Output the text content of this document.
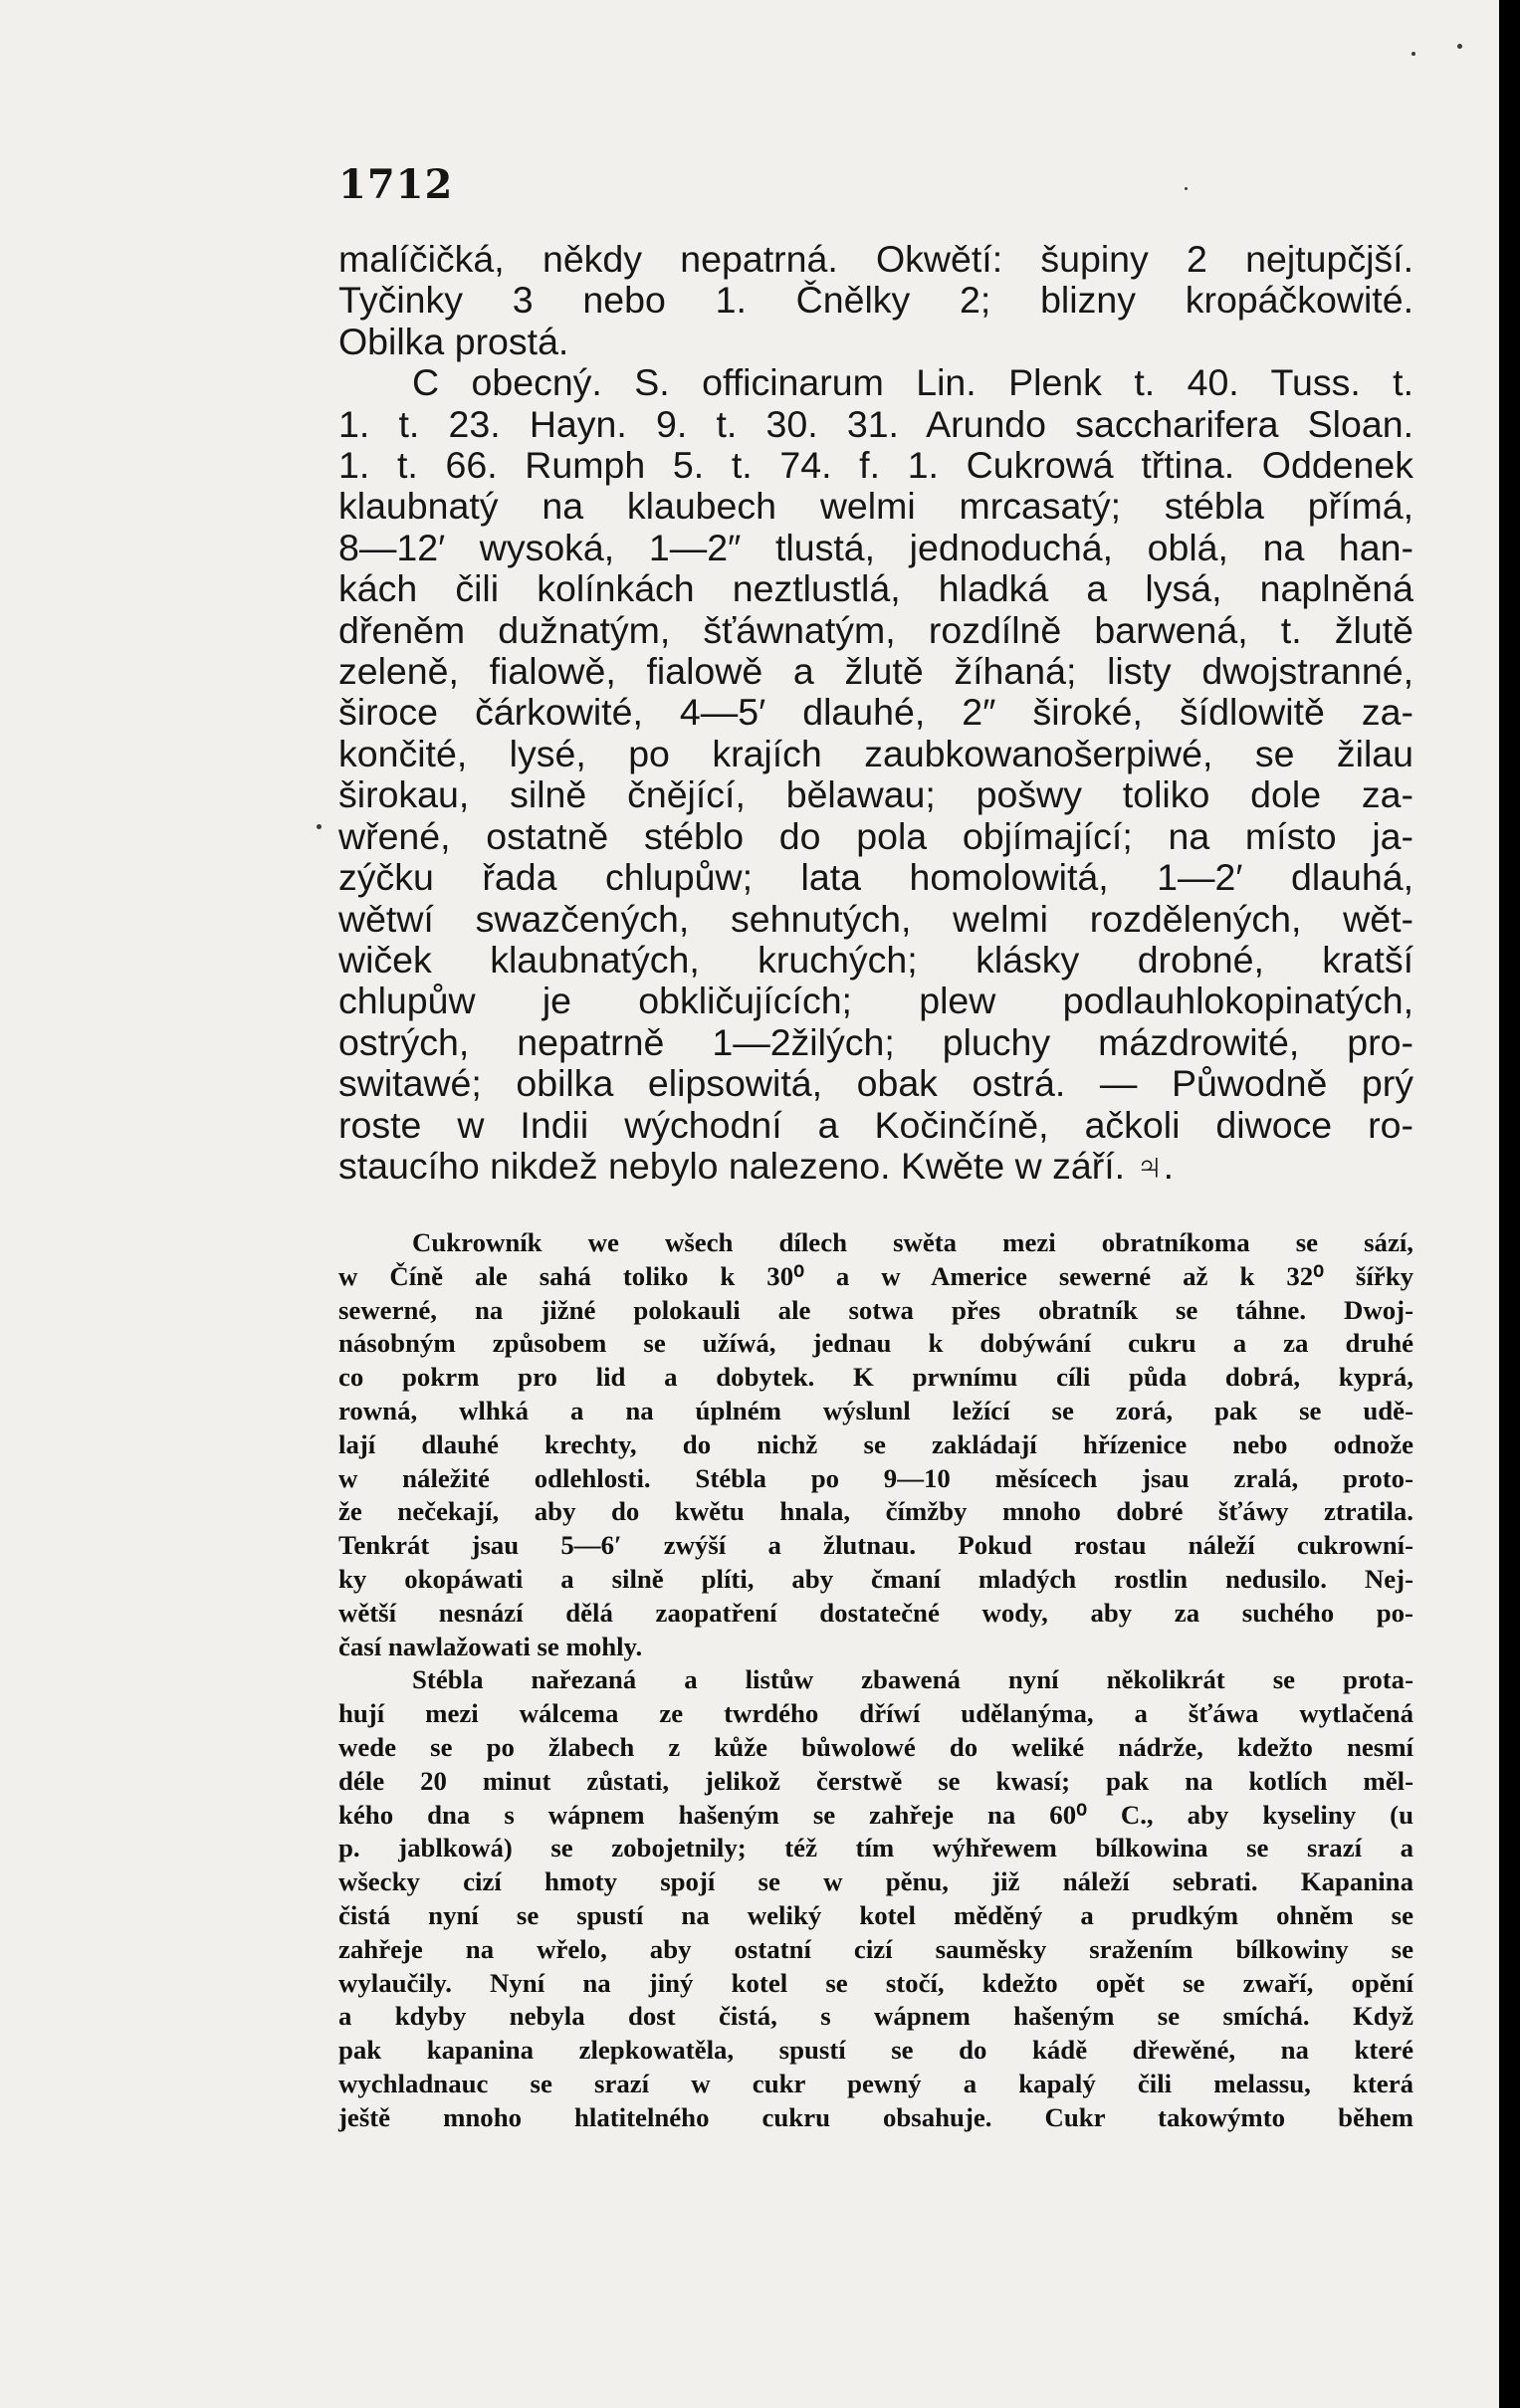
1712
malíčičká, někdy nepatrná. Okwětí: šupiny 2 nejtupčjší.
Tyčinky 3 nebo 1. Čnělky 2; blizny kropáčkowité.
Obilka prostá.
C obecný. S. officinarum Lin. Plenk t. 40. Tuss. t.
1. t. 23. Hayn. 9. t. 30. 31. Arundo saccharifera Sloan.
1. t. 66. Rumph 5. t. 74. f. 1. Cukrowá třtina. Oddenek
klaubnatý na klaubech welmi mrcasatý; stébla přímá,
8—12′ wysoká, 1—2″ tlustá, jednoduchá, oblá, na han-
kách čili kolínkách neztlustlá, hladká a lysá, naplněná
dřeněm dužnatým, šťáwnatým, rozdílně barwená, t. žlutě
zeleně, fialowě, fialowě a žlutě žíhaná; listy dwojstranné,
široce čárkowité, 4—5′ dlauhé, 2″ široké, šídlowitě za-
končité, lysé, po krajích zaubkowanošerpiwé, se žilau
širokau, silně čnějící, bělawau; pošwy toliko dole za-
wřené, ostatně stéblo do pola objímající; na místo ja-
zýčku řada chlupůw; lata homolowitá, 1—2′ dlauhá,
wětwí swazčených, sehnutých, welmi rozdělených, wět-
wiček klaubnatých, kruchých; klásky drobné, kratší
chlupůw je obkličujících; plew podlauhlokopinatých,
ostrých, nepatrně 1—2žilých; pluchy mázdrowité, pro-
switawé; obilka elipsowitá, obak ostrá. — Půwodně prý
roste w Indii wýchodní a Kočinčíně, ačkoli diwoce ro-
staucího nikdež nebylo nalezeno. Kwěte w září. ♃.
Cukrowník we wšech dílech swěta mezi obratníkoma se sází,
w Číně ale sahá toliko k 30⁰ a w Americe sewerné až k 32⁰ šířky
sewerné, na jižné polokauli ale sotwa přes obratník se táhne. Dwoj-
násobným způsobem se užíwá, jednau k dobýwání cukru a za druhé
co pokrm pro lid a dobytek. K prwnímu cíli půda dobrá, kyprá,
rowná, wlhká a na úplném wýslunl ležící se zorá, pak se udě-
lají dlauhé krechty, do nichž se zakládají hřízenice nebo odnože
w náležité odlehlosti. Stébla po 9—10 měsícech jsau zralá, proto-
že nečekají, aby do kwětu hnala, čímžby mnoho dobré šťáwy ztratila.
Tenkrát jsau 5—6′ zwýší a žlutnau. Pokud rostau náleží cukrowní-
ky okopáwati a silně plíti, aby čmaní mladých rostlin nedusilo. Nej-
wětší nesnází dělá zaopatření dostatečné wody, aby za suchého po-
časí nawlažowati se mohly.
Stébla nařezaná a listůw zbawená nyní několikrát se prota-
hují mezi wálcema ze twrdého dříwí udělanýma, a šťáwa wytlačená
wede se po žlabech z kůže bůwolowé do weliké nádrže, kdežto nesmí
déle 20 minut zůstati, jelikož čerstwě se kwasí; pak na kotlích měl-
kého dna s wápnem hašeným se zahřeje na 60⁰ C., aby kyseliny (u
p. jablkowá) se zobojetnily; též tím wýhřewem bílkowina se srazí a
wšecky cizí hmoty spojí se w pěnu, již náleží sebrati. Kapanina
čistá nyní se spustí na weliký kotel měděný a prudkým ohněm se
zahřeje na wřelo, aby ostatní cizí sauměsky sražením bílkowiny se
wylaučily. Nyní na jiný kotel se stočí, kdežto opět se zwaří, opění
a kdyby nebyla dost čistá, s wápnem hašeným se smíchá. Když
pak kapanina zlepkowatěla, spustí se do kádě dřewěné, na které
wychladnauc se srazí w cukr pewný a kapalý čili melassu, která
ještě mnoho hlatitelného cukru obsahuje. Cukr takowýmto během
